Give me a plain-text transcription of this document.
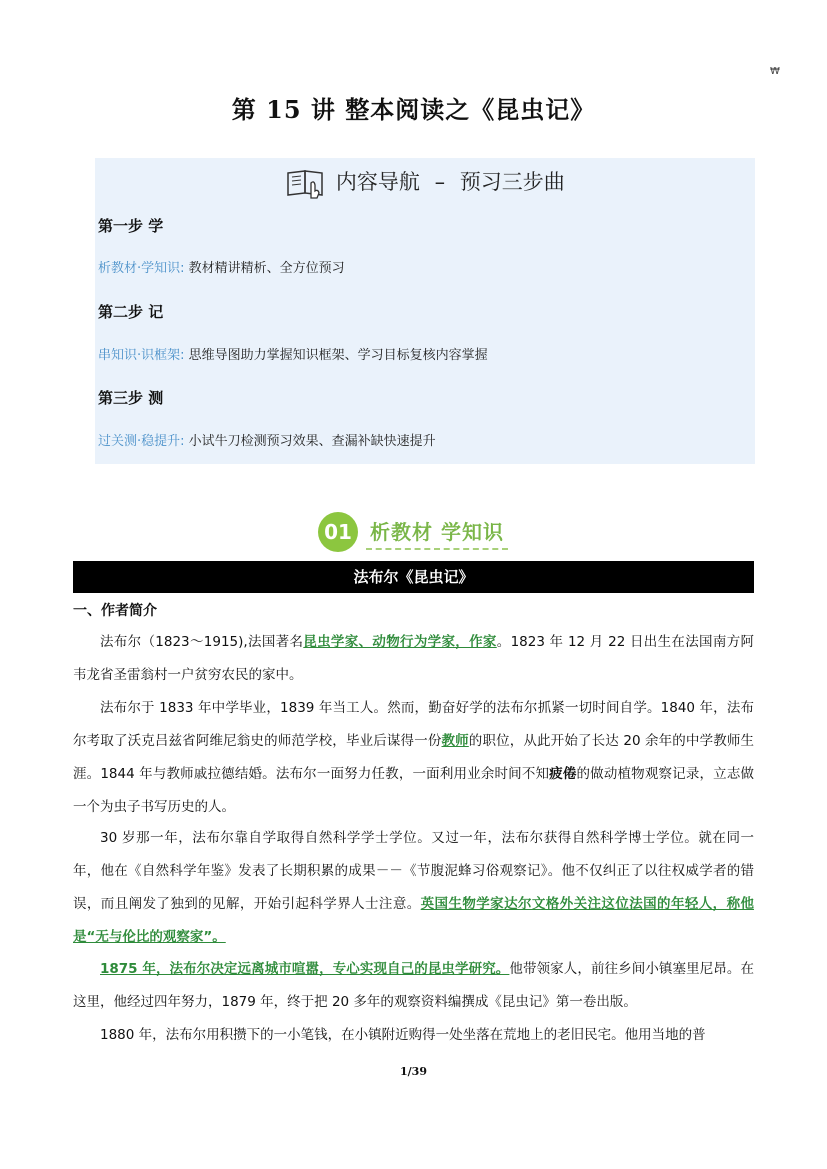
₩
第 15 讲 整本阅读之《昆虫记》
内容导航 – 预习三步曲
第一步 学
析教材·学知识: 教材精讲精析、全方位预习
第二步 记
串知识·识框架: 思维导图助力掌握知识框架、学习目标复核内容掌握
第三步 测
过关测·稳提升: 小试牛刀检测预习效果、查漏补缺快速提升
01 析教材 学知识
法布尔《昆虫记》
一、作者简介
法布尔（1823～1915),法国著名昆虫学家、动物行为学家，作家。1823 年 12 月 22 日出生在法国南方阿韦龙省圣雷翁村一户贫穷农民的家中。
法布尔于 1833 年中学毕业，1839 年当工人。然而，勤奋好学的法布尔抓紧一切时间自学。1840 年，法布尔考取了沃克吕兹省阿维尼翁史的师范学校，毕业后谋得一份教师的职位，从此开始了长达 20 余年的中学教师生涯。1844 年与教师戚拉德结婚。法布尔一面努力任教，一面利用业余时间不知疲倦的做动植物观察记录，立志做一个为虫子书写历史的人。
30 岁那一年，法布尔靠自学取得自然科学学士学位。又过一年，法布尔获得自然科学博士学位。就在同一年，他在《自然科学年鉴》发表了长期积累的成果－－《节腹泥蜂习俗观察记》。他不仅纠正了以往权威学者的错误，而且阐发了独到的见解，开始引起科学界人士注意。英国生物学家达尔文格外关注这位法国的年轻人，称他是“无与伦比的观察家”。
1875 年，法布尔决定远离城市喧嚣，专心实现自己的昆虫学研究。他带领家人，前往乡间小镇塞里尼昂。在这里，他经过四年努力，1879 年，终于把 20 多年的观察资料编撰成《昆虫记》第一卷出版。
1880 年，法布尔用积攒下的一小笔钱，在小镇附近购得一处坐落在荒地上的老旧民宅。他用当地的普
1/39
